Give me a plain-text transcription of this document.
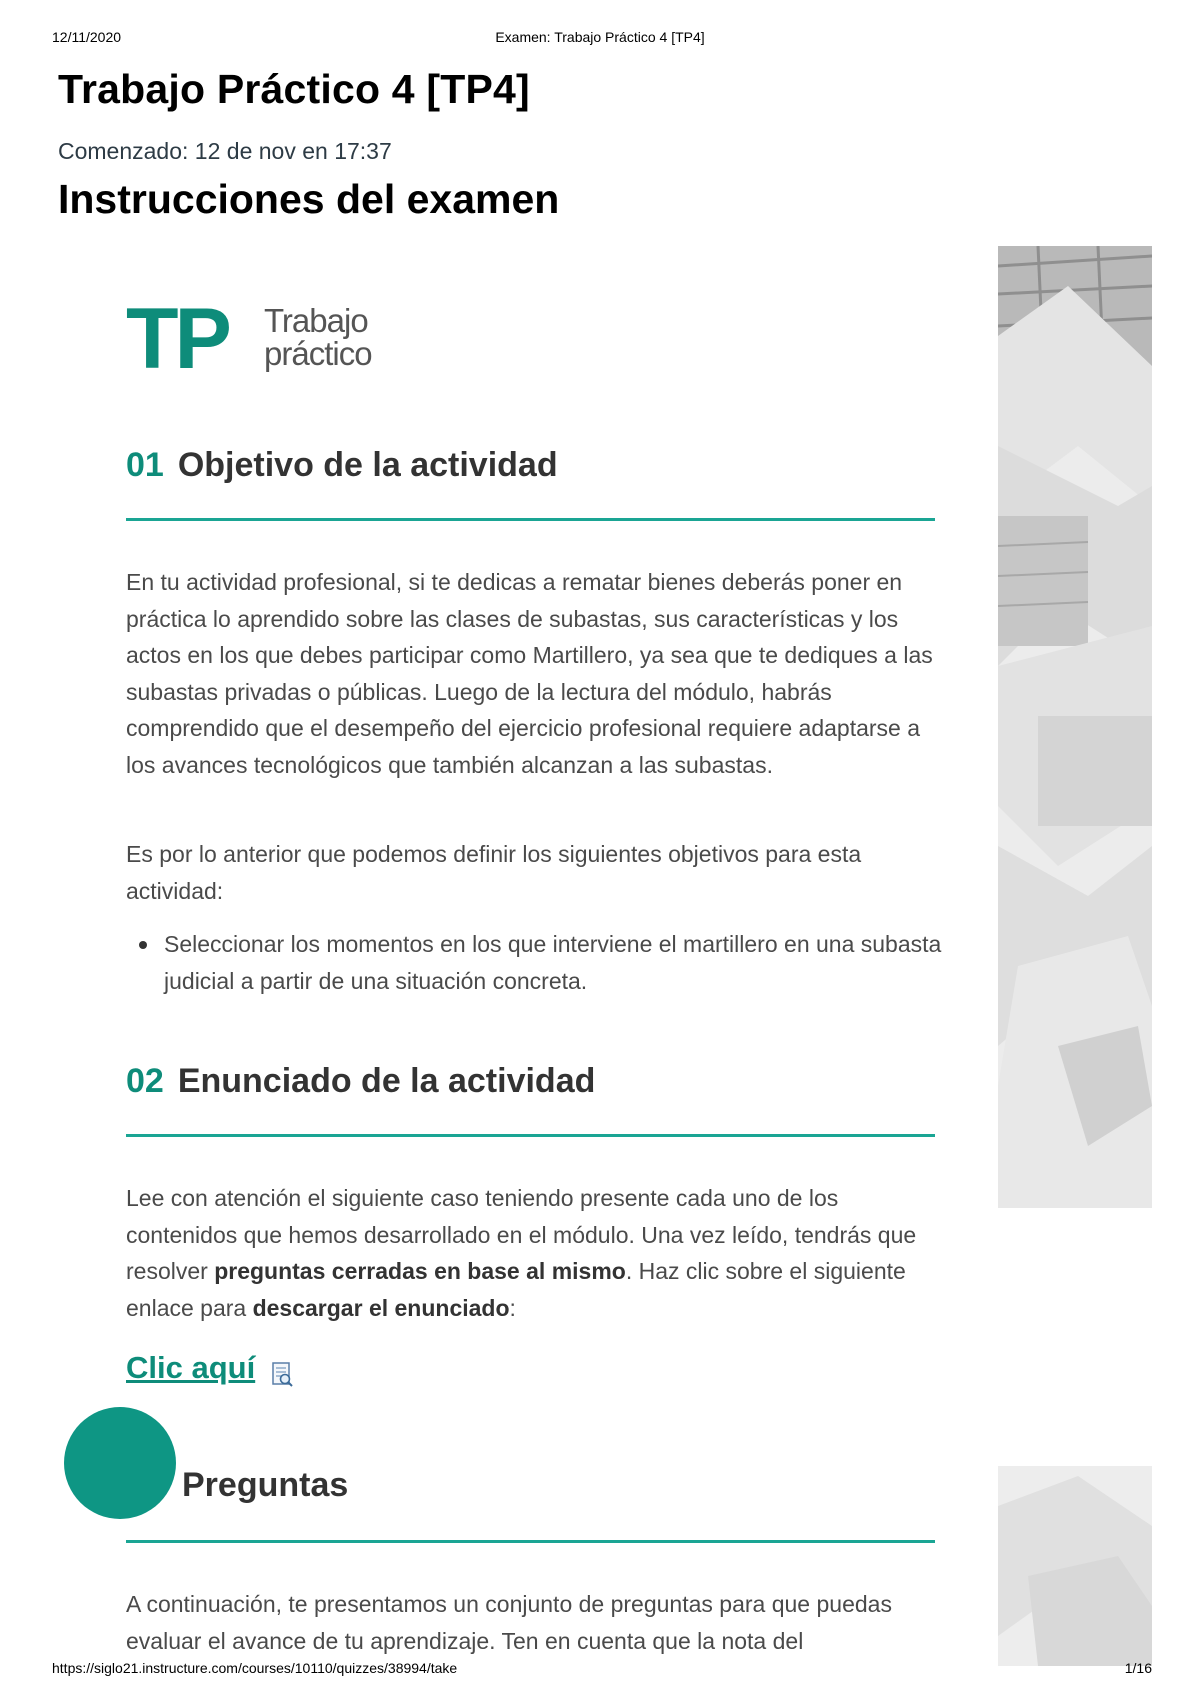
12/11/2020	Examen: Trabajo Práctico 4 [TP4]
Trabajo Práctico 4 [TP4]
Comenzado: 12 de nov en 17:37
Instrucciones del examen
TP Trabajo
práctico
01 Objetivo de la actividad

En tu actividad profesional, si te dedicas a rematar bienes deberás poner en práctica lo aprendido sobre las clases de subastas, sus características y los actos en los que debes participar como Martillero, ya sea que te dediques a las subastas privadas o públicas. Luego de la lectura del módulo, habrás comprendido que el desempeño del ejercicio profesional requiere adaptarse a los avances tecnológicos que también alcanzan a las subastas.

Es por lo anterior que podemos definir los siguientes objetivos para esta actividad:

Seleccionar los momentos en los que interviene el martillero en una subasta judicial a partir de una situación concreta.
02 Enunciado de la actividad

Lee con atención el siguiente caso teniendo presente cada uno de los contenidos que hemos desarrollado en el módulo. Una vez leído, tendrás que resolver preguntas cerradas en base al mismo. Haz clic sobre el siguiente enlace para descargar el enunciado:

Clic aquí
Preguntas

A continuación, te presentamos un conjunto de preguntas para que puedas evaluar el avance de tu aprendizaje. Ten en cuenta que la nota del

https://siglo21.instructure.com/courses/10110/quizzes/38994/take	1/16
